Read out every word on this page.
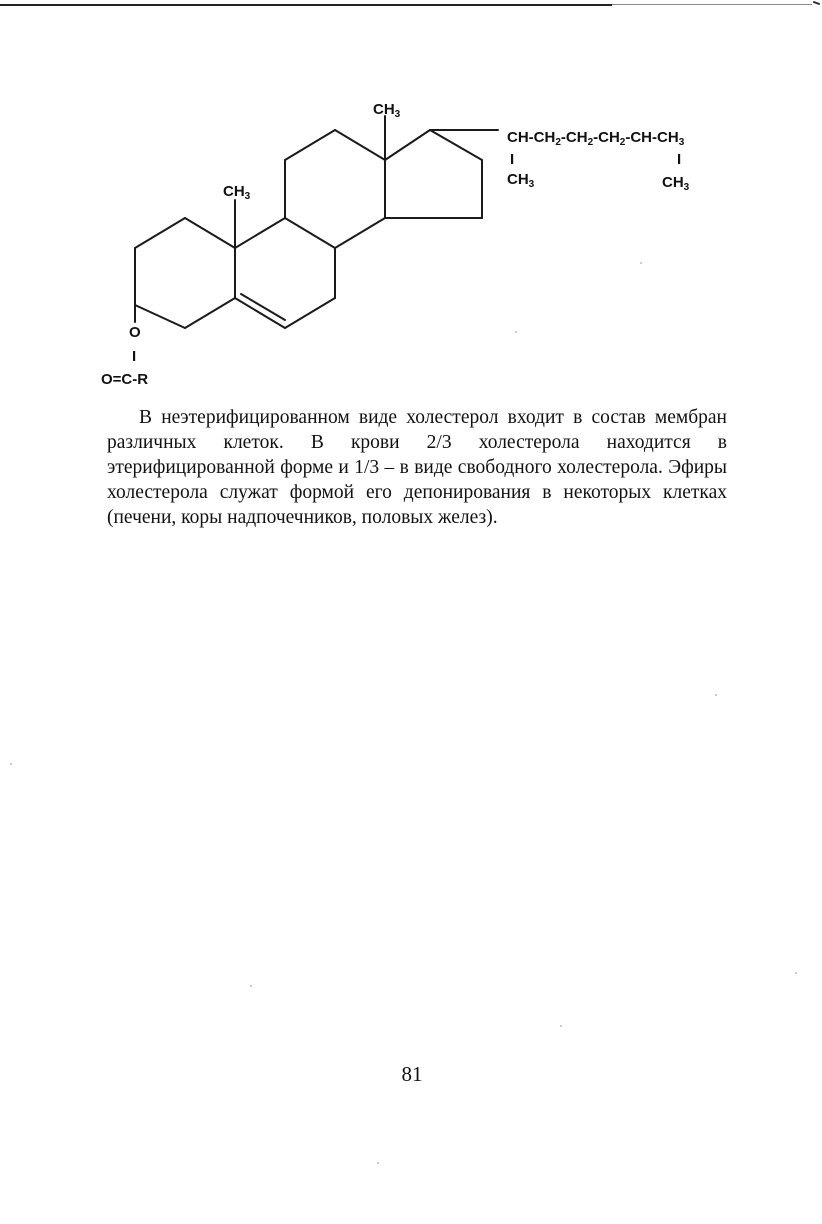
$CH_3$
$CH_3$
$CH-CH_2-CH_2-CH_2-CH-CH_3$
I	I
$CH_3$	$CH_3$
O
I
O=C-R

В неэтерифицированном виде холестерол входит в состав мембран различных клеток. В крови 2/3 холестерола находится в этерифицированной форме и 1/3 – в виде свободного холестерола. Эфиры холестерола служат формой его депонирования в некоторых клетках (печени, коры надпочечников, половых желез).

81
